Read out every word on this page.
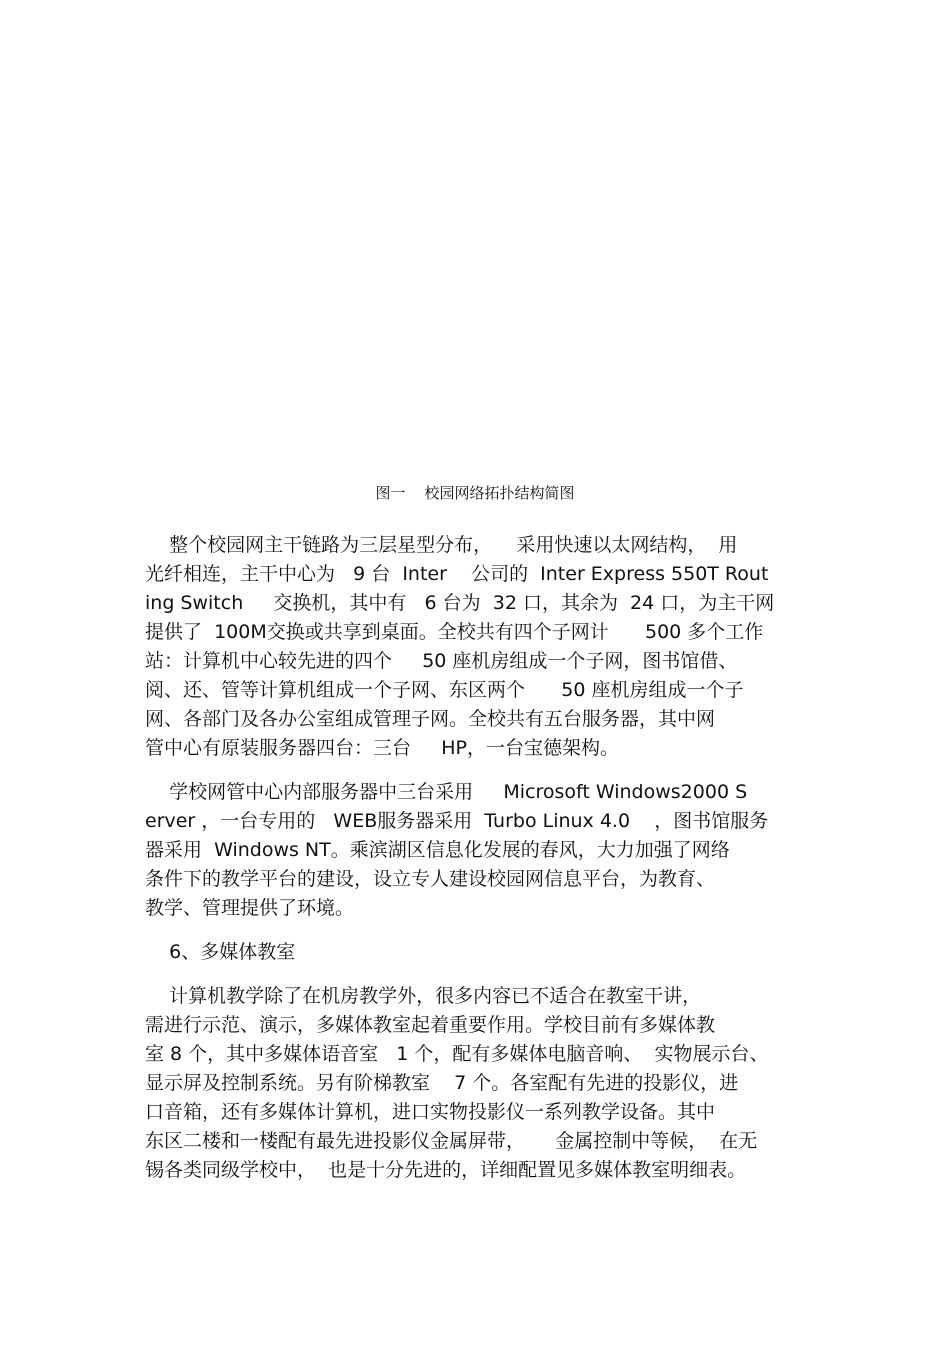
图一    校园网络拓扑结构简图
整个校园网主干链路为三层星型分布，    采用快速以太网结构，  用
光纤相连，主干中心为   9 台  Inter    公司的  Inter Express 550T Rout
ing Switch     交换机，其中有   6 台为  32 口，其余为  24 口，为主干网
提供了  100M交换或共享到桌面。全校共有四个子网计      500 多个工作
站：计算机中心较先进的四个     50 座机房组成一个子网，图书馆借、
阅、还、管等计算机组成一个子网、东区两个      50 座机房组成一个子
网、各部门及各办公室组成管理子网。全校共有五台服务器，其中网
管中心有原装服务器四台：三台     HP，一台宝德架构。
学校网管中心内部服务器中三台采用     Microsoft Windows2000 S
erver ，一台专用的   WEB服务器采用  Turbo Linux 4.0    ，图书馆服务
器采用  Windows NT。乘滨湖区信息化发展的春风，大力加强了网络
条件下的教学平台的建设，设立专人建设校园网信息平台，为教育、
教学、管理提供了环境。
6、多媒体教室
计算机教学除了在机房教学外，很多内容已不适合在教室干讲，
需进行示范、演示，多媒体教室起着重要作用。学校目前有多媒体教
室 8 个，其中多媒体语音室   1 个，配有多媒体电脑音响、  实物展示台、
显示屏及控制系统。另有阶梯教室    7 个。各室配有先进的投影仪，进
口音箱，还有多媒体计算机，进口实物投影仪一系列教学设备。其中
东区二楼和一楼配有最先进投影仪金属屏带，     金属控制中等候，  在无
锡各类同级学校中，  也是十分先进的，详细配置见多媒体教室明细表。
